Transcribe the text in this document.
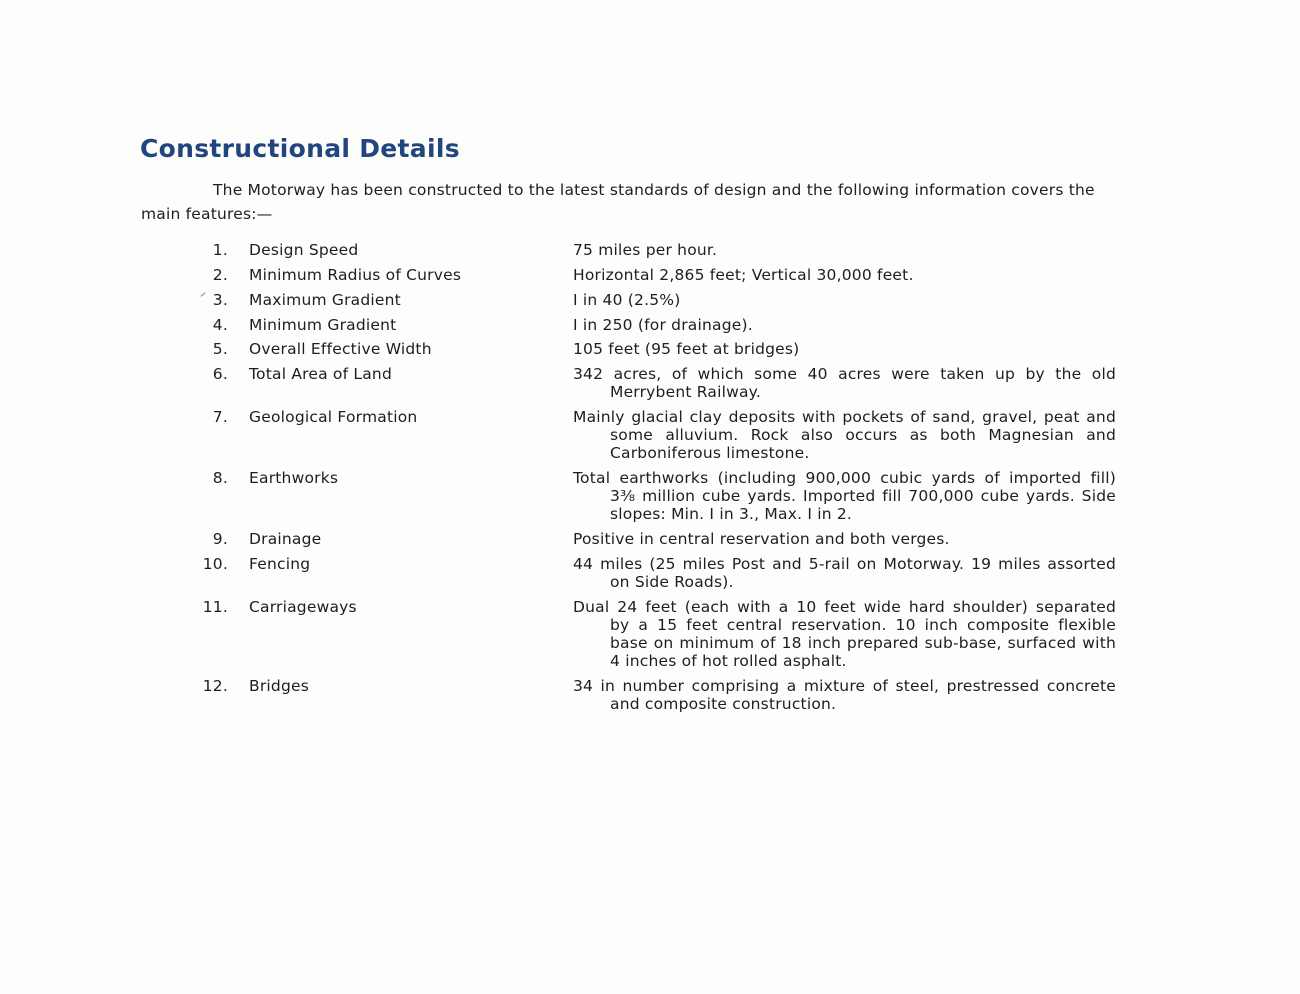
Constructional Details
The Motorway has been constructed to the latest standards of design and the following information covers the
main features:—
1. Design Speed	75 miles per hour.
2. Minimum Radius of Curves	Horizontal 2,865 feet; Vertical 30,000 feet.
3. Maximum Gradient	I in 40 (2.5%)
4. Minimum Gradient	I in 250 (for drainage).
5. Overall Effective Width	105 feet (95 feet at bridges)
6. Total Area of Land	342 acres, of which some 40 acres were taken up by the old
Merrybent Railway.
7. Geological Formation	Mainly glacial clay deposits with pockets of sand, gravel, peat and
some alluvium. Rock also occurs as both Magnesian and Carboniferous limestone.
8. Earthworks	Total earthworks (including 900,000 cubic yards of imported fill)
3⅜ million cube yards. Imported fill 700,000 cube yards. Side slopes: Min. I in 3., Max. I in 2.
9. Drainage	Positive in central reservation and both verges.
10. Fencing	44 miles (25 miles Post and 5-rail on Motorway. 19 miles assorted
on Side Roads).
11. Carriageways	Dual 24 feet (each with a 10 feet wide hard shoulder) separated
by a 15 feet central reservation. 10 inch composite flexible base on minimum of 18 inch prepared sub-base, surfaced with 4 inches of hot rolled asphalt.
12. Bridges	34 in number comprising a mixture of steel, prestressed concrete
and composite construction.
